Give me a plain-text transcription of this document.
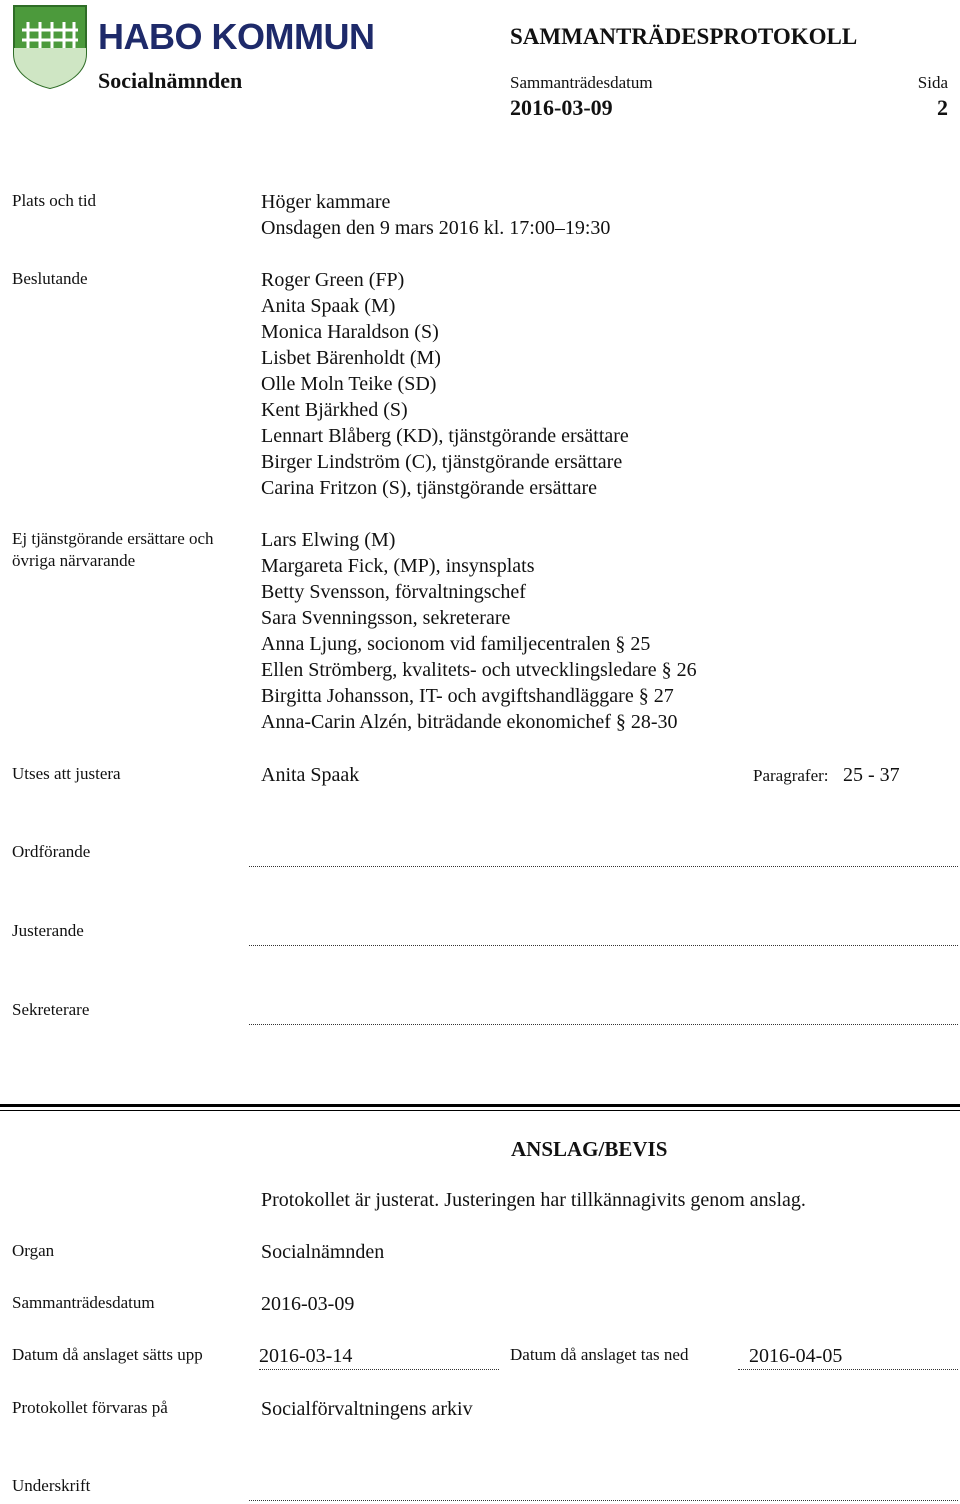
HABO KOMMUN
Socialnämnden
SAMMANTRÄDESPROTOKOLL
Sammanträdesdatum
2016-03-09
Sida
2
Plats och tid	Höger kammare
Onsdagen den 9 mars 2016 kl. 17:00–19:30
Beslutande	Roger Green (FP)
Anita Spaak (M)
Monica Haraldson (S)
Lisbet Bärenholdt (M)
Olle Moln Teike (SD)
Kent Bjärkhed (S)
Lennart Blåberg (KD), tjänstgörande ersättare
Birger Lindström (C), tjänstgörande ersättare
Carina Fritzon (S), tjänstgörande ersättare
Ej tjänstgörande ersättare och
övriga närvarande
Lars Elwing (M)
Margareta Fick, (MP), insynsplats
Betty Svensson, förvaltningschef
Sara Svenningsson, sekreterare
Anna Ljung, socionom vid familjecentralen § 25
Ellen Strömberg, kvalitets- och utvecklingsledare § 26
Birgitta Johansson, IT- och avgiftshandläggare § 27
Anna-Carin Alzén, biträdande ekonomichef § 28-30
Utses att justera	Anita Spaak	Paragrafer: 25 - 37
Ordförande
Justerande
Sekreterare
ANSLAG/BEVIS
Protokollet är justerat. Justeringen har tillkännagivits genom anslag.
Organ	Socialnämnden
Sammanträdesdatum	2016-03-09
Datum då anslaget sätts upp	2016-03-14	Datum då anslaget tas ned	2016-04-05
Protokollet förvaras på	Socialförvaltningens arkiv
Underskrift
